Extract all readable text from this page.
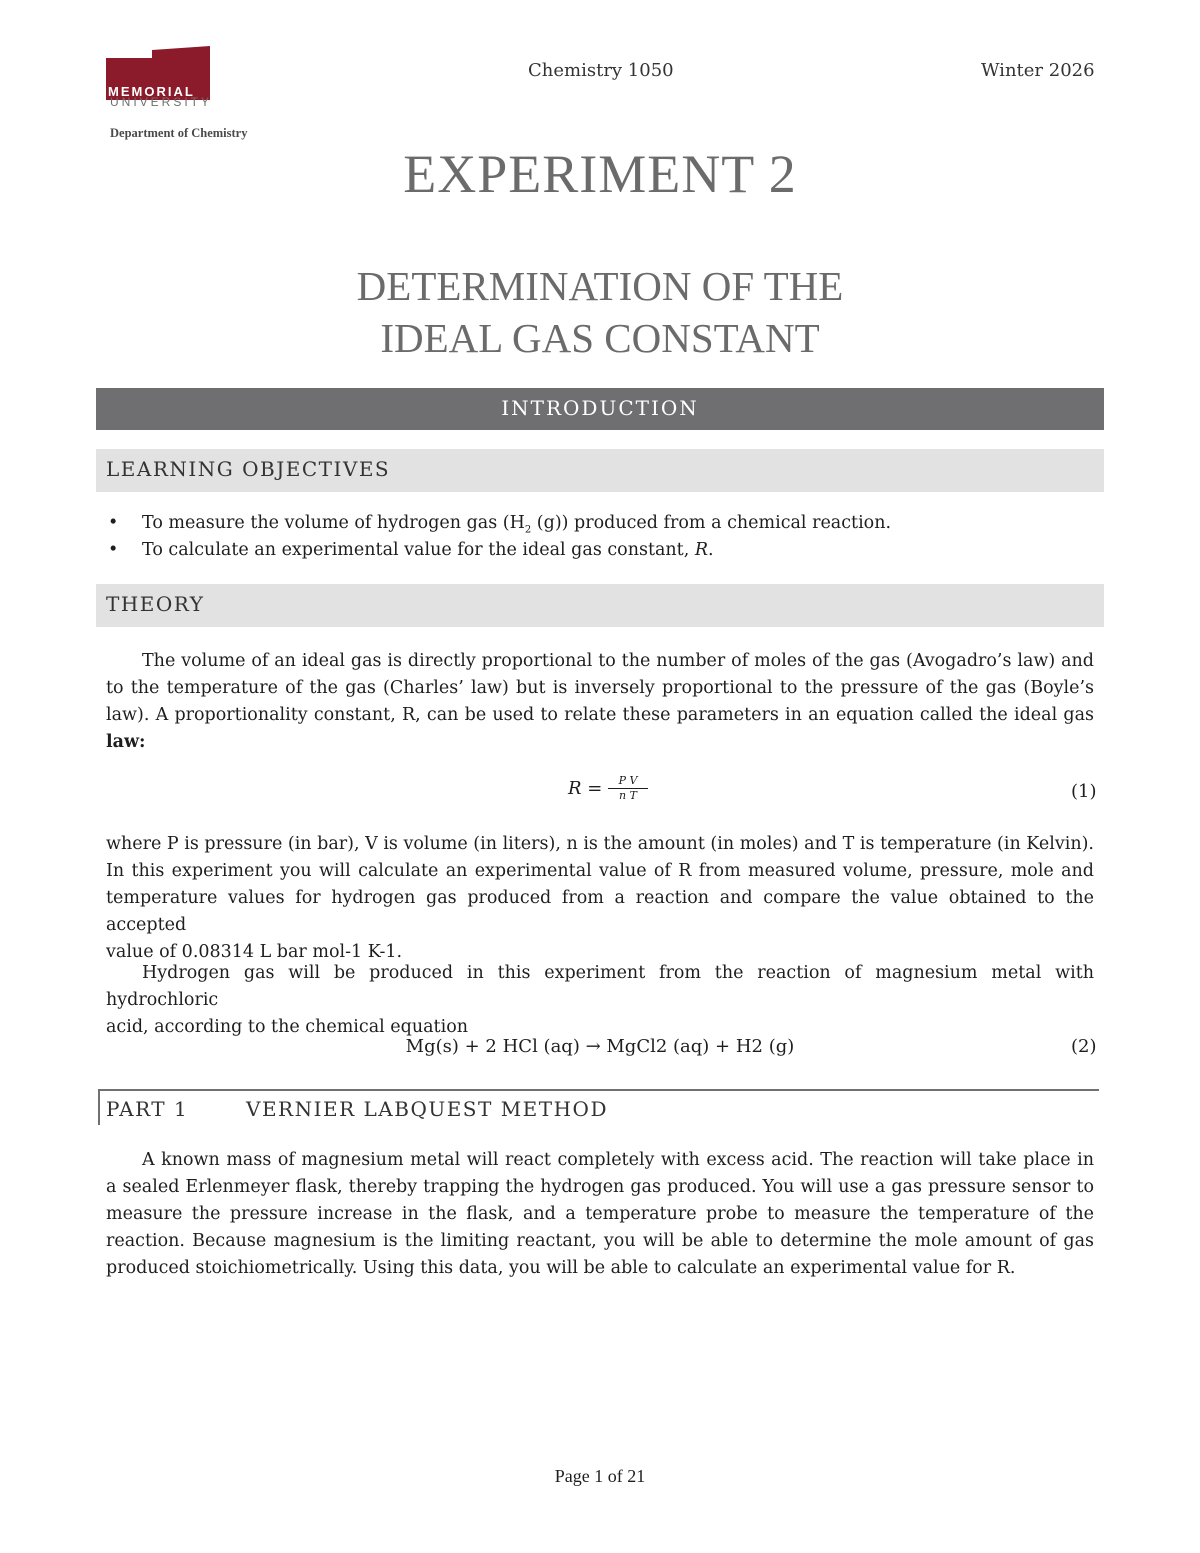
MEMORIAL
UNIVERSITY
Department of Chemistry
Chemistry 1050	Winter 2026
EXPERIMENT 2
DETERMINATION OF THE
IDEAL GAS CONSTANT
INTRODUCTION
LEARNING OBJECTIVES
• To measure the volume of hydrogen gas ($H_2$ (g)) produced from a chemical reaction.
• To calculate an experimental value for the ideal gas constant, R.
THEORY
The volume of an ideal gas is directly proportional to the number of moles of the gas (Avogadro’s law) and
to the temperature of the gas (Charles’ law) but is inversely proportional to the pressure of the gas (Boyle’s
law). A proportionality constant, R, can be used to relate these parameters in an equation called the ideal gas
law:
$R = \frac{\text{P V}}{\text{n T}}$	(1)
where P is pressure (in bar), V is volume (in liters), n is the amount (in moles) and T is temperature (in Kelvin).
In this experiment you will calculate an experimental value of R from measured volume, pressure, mole and
temperature values for hydrogen gas produced from a reaction and compare the value obtained to the accepted
value of 0.08314 L bar mol-1 K-1.
Hydrogen gas will be produced in this experiment from the reaction of magnesium metal with hydrochloric
acid, according to the chemical equation
Mg(s) + 2 HCl (aq) → MgCl2 (aq) + H2 (g)	(2)
PART 1	VERNIER LABQUEST METHOD
A known mass of magnesium metal will react completely with excess acid. The reaction will take place in
a sealed Erlenmeyer flask, thereby trapping the hydrogen gas produced. You will use a gas pressure sensor to
measure the pressure increase in the flask, and a temperature probe to measure the temperature of the
reaction. Because magnesium is the limiting reactant, you will be able to determine the mole amount of gas
produced stoichiometrically. Using this data, you will be able to calculate an experimental value for R.
Page 1 of 21
